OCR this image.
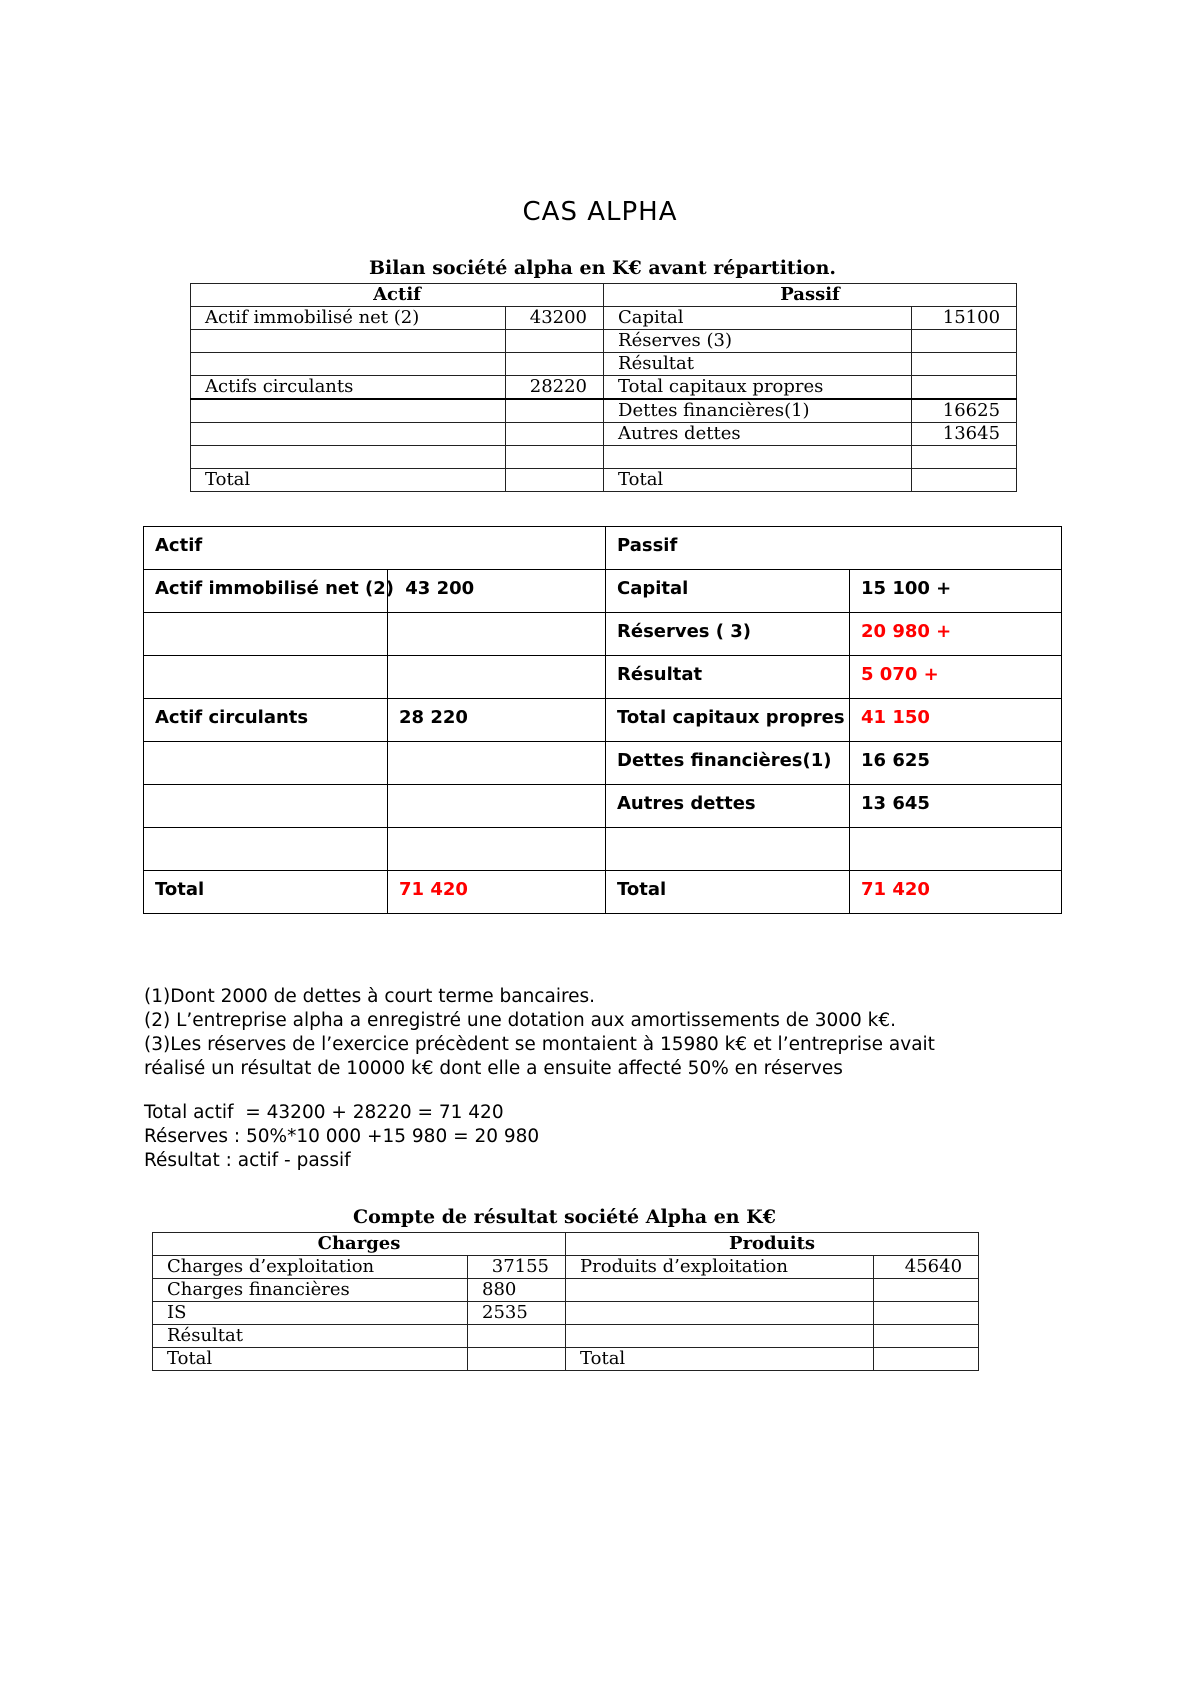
CAS ALPHA
Bilan société alpha en K€ avant répartition.
Actif		Passif	
Actif immobilisé net (2)	43200	Capital	15100
		Réserves (3)	
		Résultat	
Actifs circulants	28220	Total capitaux propres	
		Dettes financières(1)	16625
		Autres dettes	13645

Total		Total	
Actif		Passif	
Actif immobilisé net (2)	43 200	Capital	15 100 +
		Réserves ( 3)	20 980 +
		Résultat	5 070 +
Actif circulants	28 220	Total capitaux propres	41 150
		Dettes financières(1)	16 625
		Autres dettes	13 645

Total	71 420	Total	71 420

(1)Dont 2000 de dettes à court terme bancaires.

(2) L’entreprise alpha a enregistré une dotation aux amortissements de 3000 k€.

(3)Les réserves de l’exercice précèdent se montaient à 15980 k€ et l’entreprise avait

réalisé un résultat de 10000 k€ dont elle a ensuite affecté 50% en réserves

Total actif  = 43200 + 28220 = 71 420

Réserves : 50%*10 000 +15 980 = 20 980

Résultat : actif - passif

Compte de résultat société Alpha en K€
Charges		Produits	
Charges d’exploitation	37155	Produits d’exploitation	45640
Charges financières	880		
IS	2535		
Résultat			
Total		Total	
